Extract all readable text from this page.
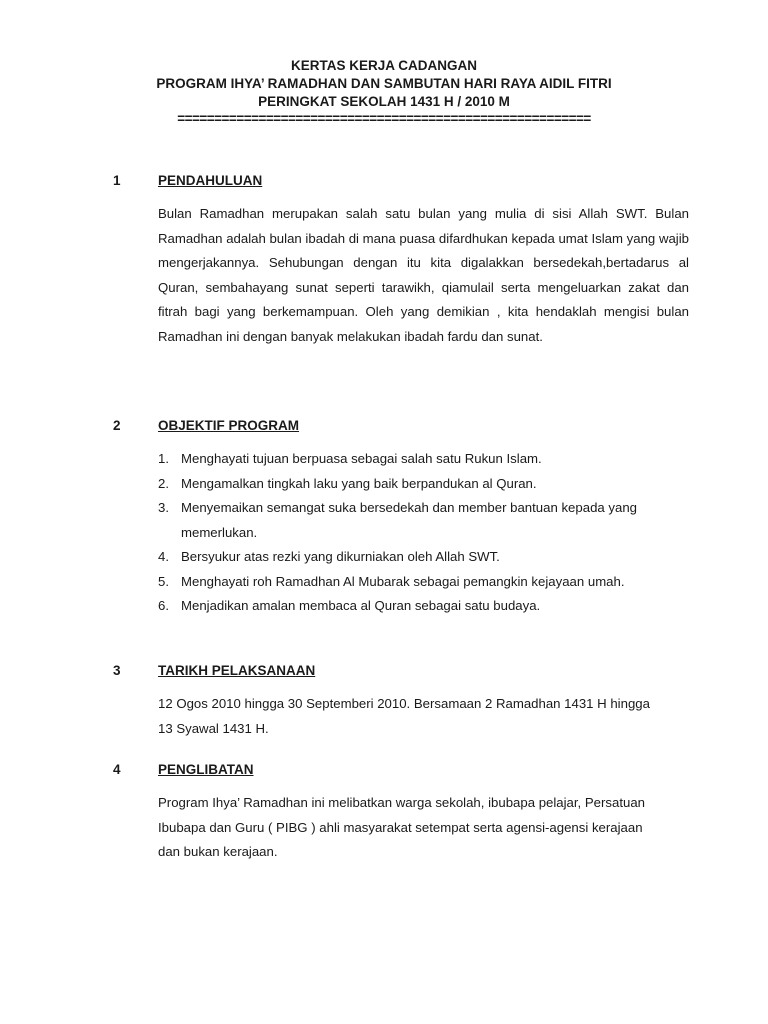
KERTAS KERJA CADANGAN
PROGRAM IHYA’ RAMADHAN DAN SAMBUTAN HARI RAYA AIDIL FITRI
PERINGKAT SEKOLAH 1431 H / 2010 M
========================================================
1	PENDAHULUAN
Bulan Ramadhan merupakan salah satu bulan yang mulia di sisi Allah SWT. Bulan Ramadhan adalah bulan ibadah di mana puasa difardhukan kepada umat Islam yang wajib mengerjakannya. Sehubungan dengan itu kita digalakkan bersedekah,bertadarus al Quran, sembahayang sunat seperti tarawikh, qiamulail serta mengeluarkan zakat dan fitrah bagi yang berkemampuan. Oleh yang demikian , kita hendaklah mengisi bulan Ramadhan ini dengan banyak melakukan ibadah fardu dan sunat.
2	OBJEKTIF PROGRAM
1. Menghayati tujuan berpuasa sebagai salah satu Rukun Islam.
2. Mengamalkan tingkah laku yang baik berpandukan al Quran.
3. Menyemaikan semangat suka bersedekah dan member bantuan kepada yang memerlukan.
4. Bersyukur atas rezki yang dikurniakan oleh Allah SWT.
5. Menghayati roh Ramadhan Al Mubarak sebagai pemangkin kejayaan umah.
6. Menjadikan amalan membaca al Quran sebagai satu budaya.
3	TARIKH PELAKSANAAN
12 Ogos 2010 hingga 30 Septemberi 2010. Bersamaan 2 Ramadhan 1431 H hingga
13 Syawal 1431 H.
4	PENGLIBATAN
Program Ihya’ Ramadhan ini melibatkan warga sekolah, ibubapa pelajar, Persatuan
Ibubapa dan Guru ( PIBG ) ahli masyarakat setempat serta agensi-agensi kerajaan
dan bukan kerajaan.
